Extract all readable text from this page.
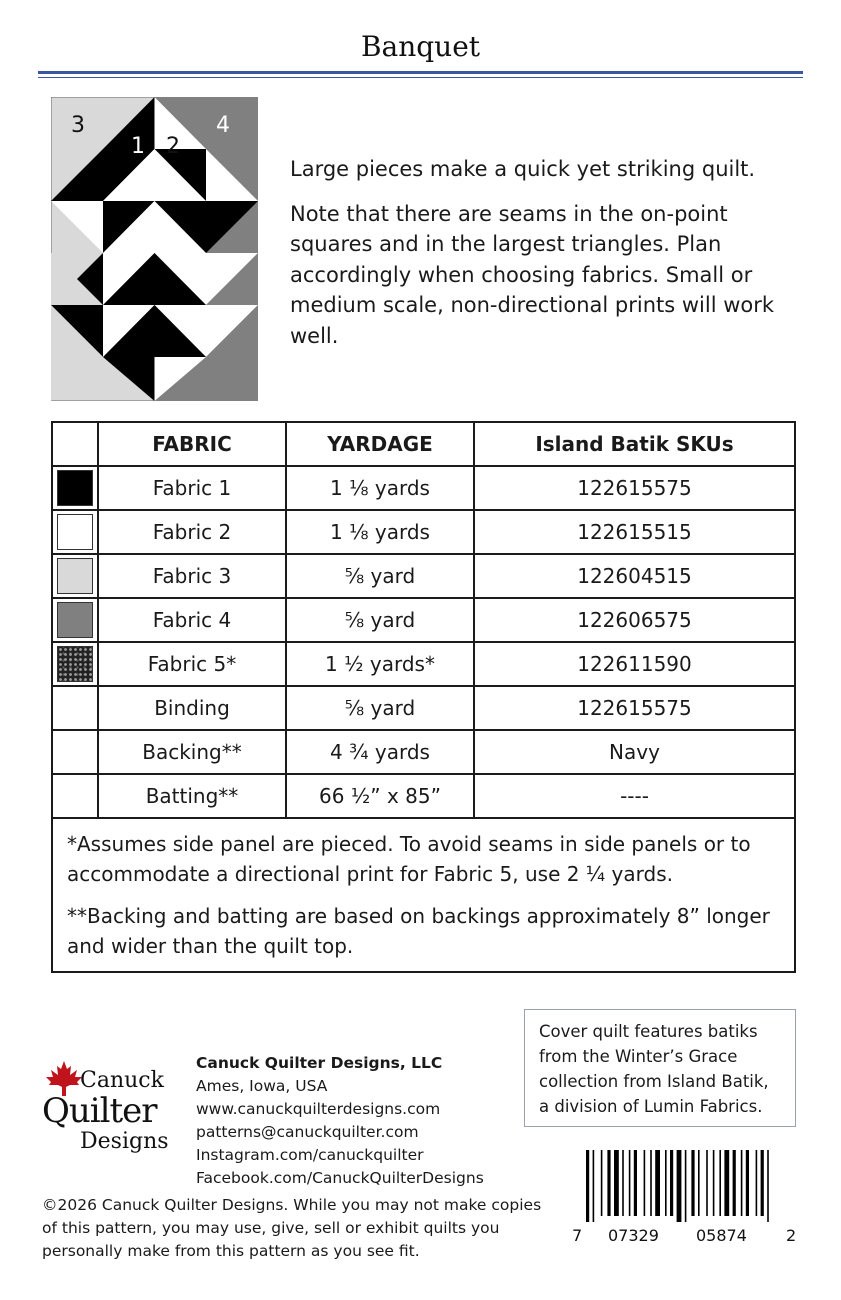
Banquet
3
1 2
4

Large pieces make a quick yet striking quilt.

Note that there are seams in the on-point squares and in the largest triangles. Plan accordingly when choosing fabrics. Small or medium scale, non-directional prints will work well.

	FABRIC	YARDAGE	Island Batik SKUs

	Fabric 1	1 ⅛ yards	122615575

	Fabric 2	1 ⅛ yards	122615515

	Fabric 3	⅝ yard	122604515

	Fabric 4	⅝ yard	122606575

	Fabric 5*	1 ½ yards*	122611590
	Binding	⅝ yard	122615575
	Backing**	4 ¾ yards	Navy
	Batting**	66 ½” x 85”	----

*Assumes side panel are pieced. To avoid seams in side panels or to accommodate a directional print for Fabric 5, use 2 ¼ yards.

**Backing and batting are based on backings approximately 8” longer and wider than the quilt top.			

Canuck
Quilter
Designs
Canuck Quilter Designs, LLC
Ames, Iowa, USA
www.canuckquilterdesigns.com
patterns@canuckquilter.com
Instagram.com/canuckquilter
Facebook.com/CanuckQuilterDesigns
©2026 Canuck Quilter Designs. While you may not make copies of this pattern, you may use, give, sell or exhibit quilts you personally make from this pattern as you see fit.
Cover quilt features batiks from the Winter’s Grace collection from Island Batik, a division of Lumin Fabrics.
7 07329 05874 2
